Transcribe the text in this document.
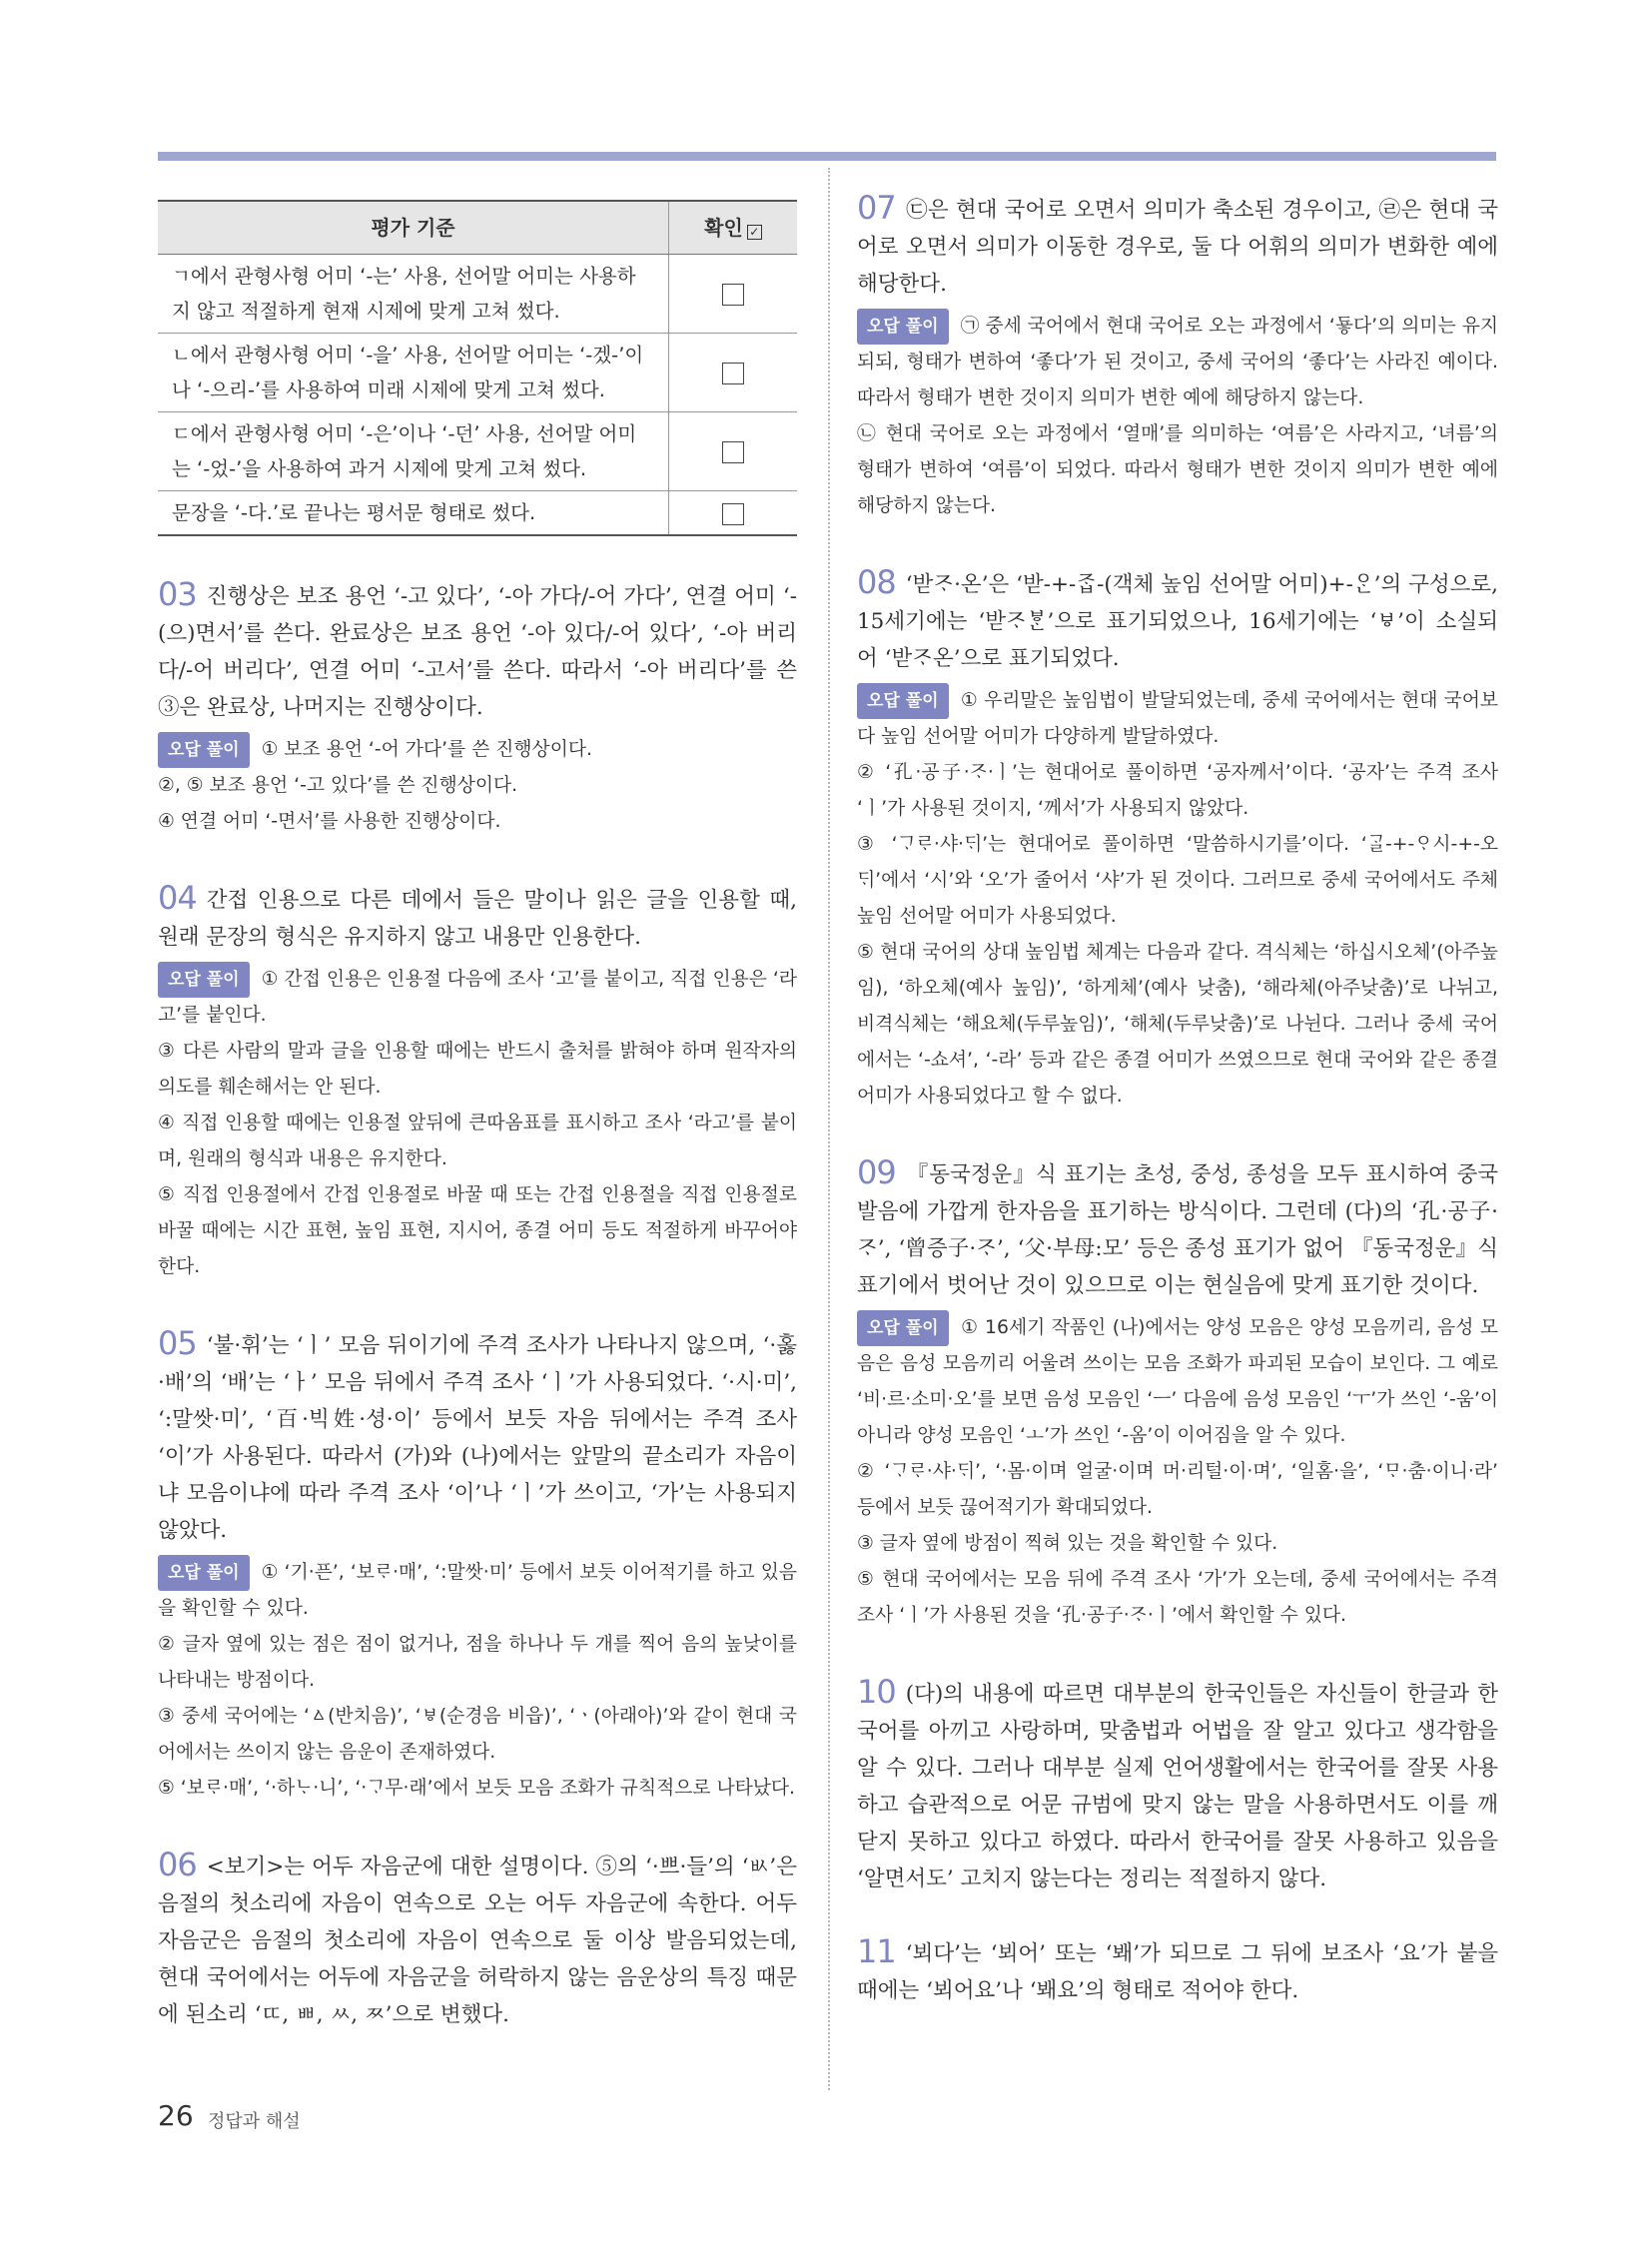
평가 기준	확인 ✓
ㄱ에서 관형사형 어미 ‘-는’ 사용, 선어말 어미는 사용하지 않고 적절하게 현재 시제에 맞게 고쳐 썼다.	
ㄴ에서 관형사형 어미 ‘-을’ 사용, 선어말 어미는 ‘-겠-’이나 ‘-으리-’를 사용하여 미래 시제에 맞게 고쳐 썼다.	
ㄷ에서 관형사형 어미 ‘-은’이나 ‘-던’ 사용, 선어말 어미는 ‘-었-’을 사용하여 과거 시제에 맞게 고쳐 썼다.	
문장을 ‘-다.’로 끝나는 평서문 형태로 썼다.	

03 진행상은 보조 용언 ‘-고 있다’, ‘-아 가다/-어 가다’, 연결 어미 ‘-(으)면서’를 쓴다. 완료상은 보조 용언 ‘-아 있다/-어 있다’, ‘-아 버리다/-어 버리다’, 연결 어미 ‘-고서’를 쓴다. 따라서 ‘-아 버리다’를 쓴 ③은 완료상, 나머지는 진행상이다.

오답 풀이 ① 보조 용언 ‘-어 가다’를 쓴 진행상이다.

②, ⑤ 보조 용언 ‘-고 있다’를 쓴 진행상이다.

④ 연결 어미 ‘-면서’를 사용한 진행상이다.

04 간접 인용으로 다른 데에서 들은 말이나 읽은 글을 인용할 때, 원래 문장의 형식은 유지하지 않고 내용만 인용한다.

오답 풀이 ① 간접 인용은 인용절 다음에 조사 ‘고’를 붙이고, 직접 인용은 ‘라고’를 붙인다.

③ 다른 사람의 말과 글을 인용할 때에는 반드시 출처를 밝혀야 하며 원작자의 의도를 훼손해서는 안 된다.

④ 직접 인용할 때에는 인용절 앞뒤에 큰따옴표를 표시하고 조사 ‘라고’를 붙이며, 원래의 형식과 내용은 유지한다.

⑤ 직접 인용절에서 간접 인용절로 바꿀 때 또는 간접 인용절을 직접 인용절로 바꿀 때에는 시간 표현, 높임 표현, 지시어, 종결 어미 등도 적절하게 바꾸어야 한다.

05 ‘불·휘’는 ‘ㅣ’ 모음 뒤이기에 주격 조사가 나타나지 않으며, ‘·홇·배’의 ‘배’는 ‘ㅏ’ 모음 뒤에서 주격 조사 ‘ㅣ’가 사용되었다. ‘·시·미’, ‘:말쌋·미’, ‘百·빅姓·셩·이’ 등에서 보듯 자음 뒤에서는 주격 조사 ‘이’가 사용된다. 따라서 (가)와 (나)에서는 앞말의 끝소리가 자음이냐 모음이냐에 따라 주격 조사 ‘이’나 ‘ㅣ’가 쓰이고, ‘가’는 사용되지 않았다.

오답 풀이 ① ‘기·픈’, ‘보ᄅᆞ·매’, ‘:말쌋·미’ 등에서 보듯 이어적기를 하고 있음을 확인할 수 있다.

② 글자 옆에 있는 점은 점이 없거나, 점을 하나나 두 개를 찍어 음의 높낮이를 나타내는 방점이다.

③ 중세 국어에는 ‘ㅿ(반치음)’, ‘ㅸ(순경음 비읍)’, ‘ㆍ(아래아)’와 같이 현대 국어에서는 쓰이지 않는 음운이 존재하였다.

⑤ ‘보ᄅᆞ·매’, ‘·하ᄂᆞ·니’, ‘·ᄀᆞ무·래’에서 보듯 모음 조화가 규칙적으로 나타났다.

06 <보기>는 어두 자음군에 대한 설명이다. ⑤의 ‘·쁘·들’의 ‘ㅄ’은 음절의 첫소리에 자음이 연속으로 오는 어두 자음군에 속한다. 어두 자음군은 음절의 첫소리에 자음이 연속으로 둘 이상 발음되었는데, 현대 국어에서는 어두에 자음군을 허락하지 않는 음운상의 특징 때문에 된소리 ‘ㄸ, ㅃ, ㅆ, ㅉ’으로 변했다.

07 ㉢은 현대 국어로 오면서 의미가 축소된 경우이고, ㉣은 현대 국어로 오면서 의미가 이동한 경우로, 둘 다 어휘의 의미가 변화한 예에 해당한다.

오답 풀이 ㉠ 중세 국어에서 현대 국어로 오는 과정에서 ‘둏다’의 의미는 유지되되, 형태가 변하여 ‘좋다’가 된 것이고, 중세 국어의 ‘좋다’는 사라진 예이다. 따라서 형태가 변한 것이지 의미가 변한 예에 해당하지 않는다.

㉡ 현대 국어로 오는 과정에서 ‘열매’를 의미하는 ‘여름’은 사라지고, ‘녀름’의 형태가 변하여 ‘여름’이 되었다. 따라서 형태가 변한 것이지 의미가 변한 예에 해당하지 않는다.

08 ‘받ᄌᆞ·온’은 ‘받-+-ᄌᆞᆸ-(객체 높임 선어말 어미)+-ᄋᆞᆫ’의 구성으로, 15세기에는 ‘받ᄌᆞᄫᆞᆫ’으로 표기되었으나, 16세기에는 ‘ㅸ’이 소실되어 ‘받ᄌᆞ온’으로 표기되었다.

오답 풀이 ① 우리말은 높임법이 발달되었는데, 중세 국어에서는 현대 국어보다 높임 선어말 어미가 다양하게 발달하였다.

② ‘孔·공子·ᄌᆞ·ㅣ’는 현대어로 풀이하면 ‘공자께서’이다. ‘공자’는 주격 조사 ‘ㅣ’가 사용된 것이지, ‘께서’가 사용되지 않았다.

③ ‘ᄀᆞᄅᆞ·샤·ᄃᆡ’는 현대어로 풀이하면 ‘말씀하시기를’이다. ‘ᄀᆞᆯ-+-ᄋᆞ시-+-오ᄃᆡ’에서 ‘시’와 ‘오’가 줄어서 ‘샤’가 된 것이다. 그러므로 중세 국어에서도 주체 높임 선어말 어미가 사용되었다.

⑤ 현대 국어의 상대 높임법 체계는 다음과 같다. 격식체는 ‘하십시오체’(아주높임), ‘하오체(예사 높임)’, ‘하게체’(예사 낮춤), ‘해라체(아주낮춤)’로 나뉘고, 비격식체는 ‘해요체(두루높임)’, ‘해체(두루낮춤)’로 나뉜다. 그러나 중세 국어에서는 ‘-쇼셔’, ‘-라’ 등과 같은 종결 어미가 쓰였으므로 현대 국어와 같은 종결 어미가 사용되었다고 할 수 없다.

09 『동국정운』식 표기는 초성, 중성, 종성을 모두 표시하여 중국 발음에 가깝게 한자음을 표기하는 방식이다. 그런데 (다)의 ‘孔·공子·ᄌᆞ’, ‘曾증子·ᄌᆞ’, ‘父·부母:모’ 등은 종성 표기가 없어 『동국정운』식 표기에서 벗어난 것이 있으므로 이는 현실음에 맞게 표기한 것이다.

오답 풀이 ① 16세기 작품인 (나)에서는 양성 모음은 양성 모음끼리, 음성 모음은 음성 모음끼리 어울려 쓰이는 모음 조화가 파괴된 모습이 보인다. 그 예로 ‘비·르·소미·오’를 보면 음성 모음인 ‘ㅡ’ 다음에 음성 모음인 ‘ㅜ’가 쓰인 ‘-움’이 아니라 양성 모음인 ‘ㅗ’가 쓰인 ‘-옴’이 이어짐을 알 수 있다.

② ‘ᄀᆞᄅᆞ·샤·ᄃᆡ’, ‘·몸·이며 얼굴·이며 머·리털·이·며’, ‘일홈·을’, ‘ᄆᆞ·춤·이니·라’ 등에서 보듯 끊어적기가 확대되었다.

③ 글자 옆에 방점이 찍혀 있는 것을 확인할 수 있다.

⑤ 현대 국어에서는 모음 뒤에 주격 조사 ‘가’가 오는데, 중세 국어에서는 주격 조사 ‘ㅣ’가 사용된 것을 ‘孔·공子·ᄌᆞ·ㅣ’에서 확인할 수 있다.

10 (다)의 내용에 따르면 대부분의 한국인들은 자신들이 한글과 한국어를 아끼고 사랑하며, 맞춤법과 어법을 잘 알고 있다고 생각함을 알 수 있다. 그러나 대부분 실제 언어생활에서는 한국어를 잘못 사용하고 습관적으로 어문 규범에 맞지 않는 말을 사용하면서도 이를 깨닫지 못하고 있다고 하였다. 따라서 한국어를 잘못 사용하고 있음을 ‘알면서도’ 고치지 않는다는 정리는 적절하지 않다.

11 ‘뵈다’는 ‘뵈어’ 또는 ‘봬’가 되므로 그 뒤에 보조사 ‘요’가 붙을 때에는 ‘뵈어요’나 ‘봬요’의 형태로 적어야 한다.

26 정답과 해설
